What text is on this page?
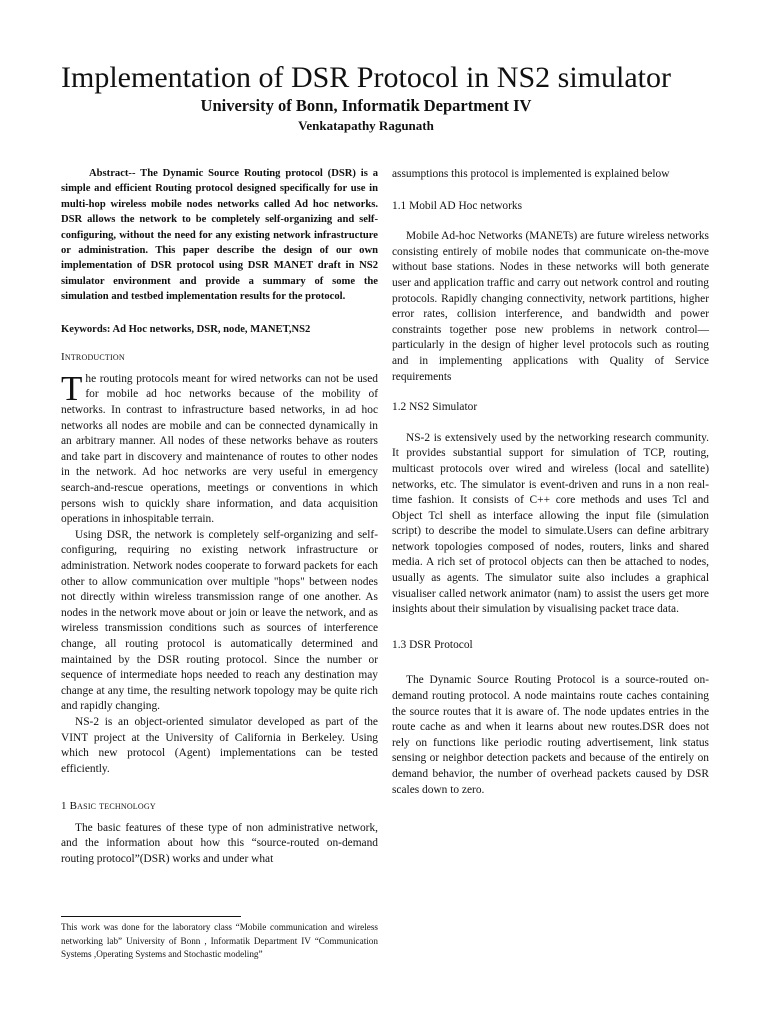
Implementation of DSR Protocol in NS2 simulator
University of Bonn, Informatik Department IV
Venkatapathy Ragunath

Abstract-- The Dynamic Source Routing protocol (DSR) is a simple and efficient Routing protocol designed specifically for use in multi-hop wireless mobile nodes networks called Ad hoc networks. DSR allows the network to be completely self-organizing and self-configuring, without the need for any existing network infrastructure or administration. This paper describe the design of our own implementation of DSR protocol using DSR MANET draft in NS2 simulator environment and provide a summary of some the simulation and testbed implementation results for the protocol.

Keywords: Ad Hoc networks, DSR, node, MANET,NS2

Introduction

The routing protocols meant for wired networks can not be used for mobile ad hoc networks because of the mobility of networks. In contrast to infrastructure based networks, in ad hoc networks all nodes are mobile and can be connected dynamically in an arbitrary manner. All nodes of these networks behave as routers and take part in discovery and maintenance of routes to other nodes in the network. Ad hoc networks are very useful in emergency search-and-rescue operations, meetings or conventions in which persons wish to quickly share information, and data acquisition operations in inhospitable terrain.

Using DSR, the network is completely self-organizing and self-configuring, requiring no existing network infrastructure or administration. Network nodes cooperate to forward packets for each other to allow communication over multiple "hops" between nodes not directly within wireless transmission range of one another. As nodes in the network move about or join or leave the network, and as wireless transmission conditions such as sources of interference change, all routing protocol is automatically determined and maintained by the DSR routing protocol. Since the number or sequence of intermediate hops needed to reach any destination may change at any time, the resulting network topology may be quite rich and rapidly changing.

NS-2 is an object-oriented simulator developed as part of the VINT project at the University of California in Berkeley. Using which new protocol (Agent) implementations can be tested efficiently.

1 Basic technology

The basic features of these type of non administrative network, and the information about how this “source-routed on-demand routing protocol”(DSR) works and under what

assumptions this protocol is implemented is explained below

1.1 Mobil AD Hoc networks

Mobile Ad-hoc Networks (MANETs) are future wireless networks consisting entirely of mobile nodes that communicate on-the-move without base stations. Nodes in these networks will both generate user and application traffic and carry out network control and routing protocols. Rapidly changing connectivity, network partitions, higher error rates, collision interference, and bandwidth and power constraints together pose new problems in network control—particularly in the design of higher level protocols such as routing and in implementing applications with Quality of Service requirements

1.2 NS2 Simulator

NS-2 is extensively used by the networking research community. It provides substantial support for simulation of TCP, routing, multicast protocols over wired and wireless (local and satellite) networks, etc. The simulator is event-driven and runs in a non real-time fashion. It consists of C++ core methods and uses Tcl and Object Tcl shell as interface allowing the input file (simulation script) to describe the model to simulate.Users can define arbitrary network topologies composed of nodes, routers, links and shared media. A rich set of protocol objects can then be attached to nodes, usually as agents. The simulator suite also includes a graphical visualiser called network animator (nam) to assist the users get more insights about their simulation by visualising packet trace data.

1.3 DSR Protocol

The Dynamic Source Routing Protocol is a source-routed on-demand routing protocol. A node maintains route caches containing the source routes that it is aware of. The node updates entries in the route cache as and when it learns about new routes.DSR does not rely on functions like periodic routing advertisement, link status sensing or neighbor detection packets and because of the entirely on demand behavior, the number of overhead packets caused by DSR scales down to zero.

This work was done for the laboratory class “Mobile communication and wireless networking lab” University of Bonn , Informatik Department IV “Communication Systems ,Operating Systems and Stochastic modeling”
